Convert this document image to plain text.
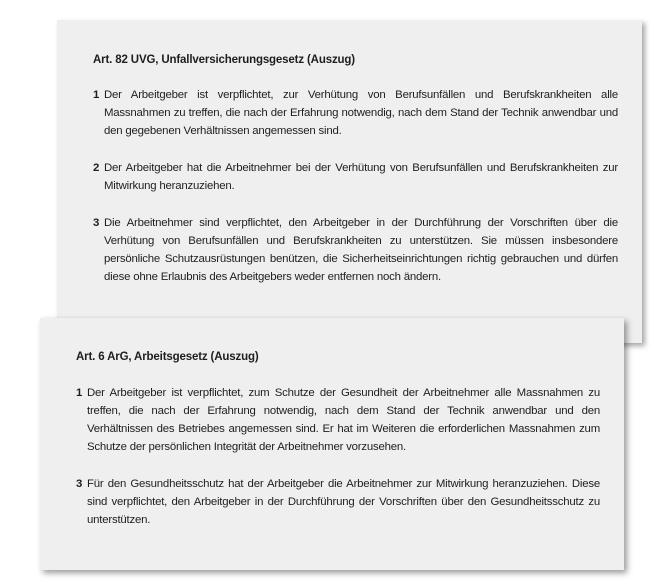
Art. 82 UVG, Unfallversicherungsgesetz (Auszug)
1 Der Arbeitgeber ist verpflichtet, zur Verhütung von Berufsunfällen und Berufskrankheiten alle Massnahmen zu treffen, die nach der Erfahrung notwendig, nach dem Stand der Technik anwendbar und den gegebenen Verhältnissen angemessen sind.
2 Der Arbeitgeber hat die Arbeitnehmer bei der Verhütung von Berufsunfällen und Berufskrankheiten zur Mitwirkung heranzuziehen.
3 Die Arbeitnehmer sind verpflichtet, den Arbeitgeber in der Durchführung der Vorschriften über die Verhütung von Berufsunfällen und Berufskrankheiten zu unterstützen. Sie müssen insbesondere persönliche Schutzausrüstungen benützen, die Sicherheitseinrichtungen richtig gebrauchen und dürfen diese ohne Erlaubnis des Arbeitgebers weder entfernen noch ändern.
Art. 6 ArG, Arbeitsgesetz (Auszug)
1 Der Arbeitgeber ist verpflichtet, zum Schutze der Gesundheit der Arbeitnehmer alle Massnahmen zu treffen, die nach der Erfahrung notwendig, nach dem Stand der Technik anwendbar und den Verhältnissen des Betriebes angemessen sind. Er hat im Weiteren die erforderlichen Massnahmen zum Schutze der persönlichen Integrität der Arbeitnehmer vorzusehen.
3 Für den Gesundheitsschutz hat der Arbeitgeber die Arbeitnehmer zur Mitwirkung heranzuziehen. Diese sind verpflichtet, den Arbeitgeber in der Durchführung der Vorschriften über den Gesundheitsschutz zu unterstützen.
